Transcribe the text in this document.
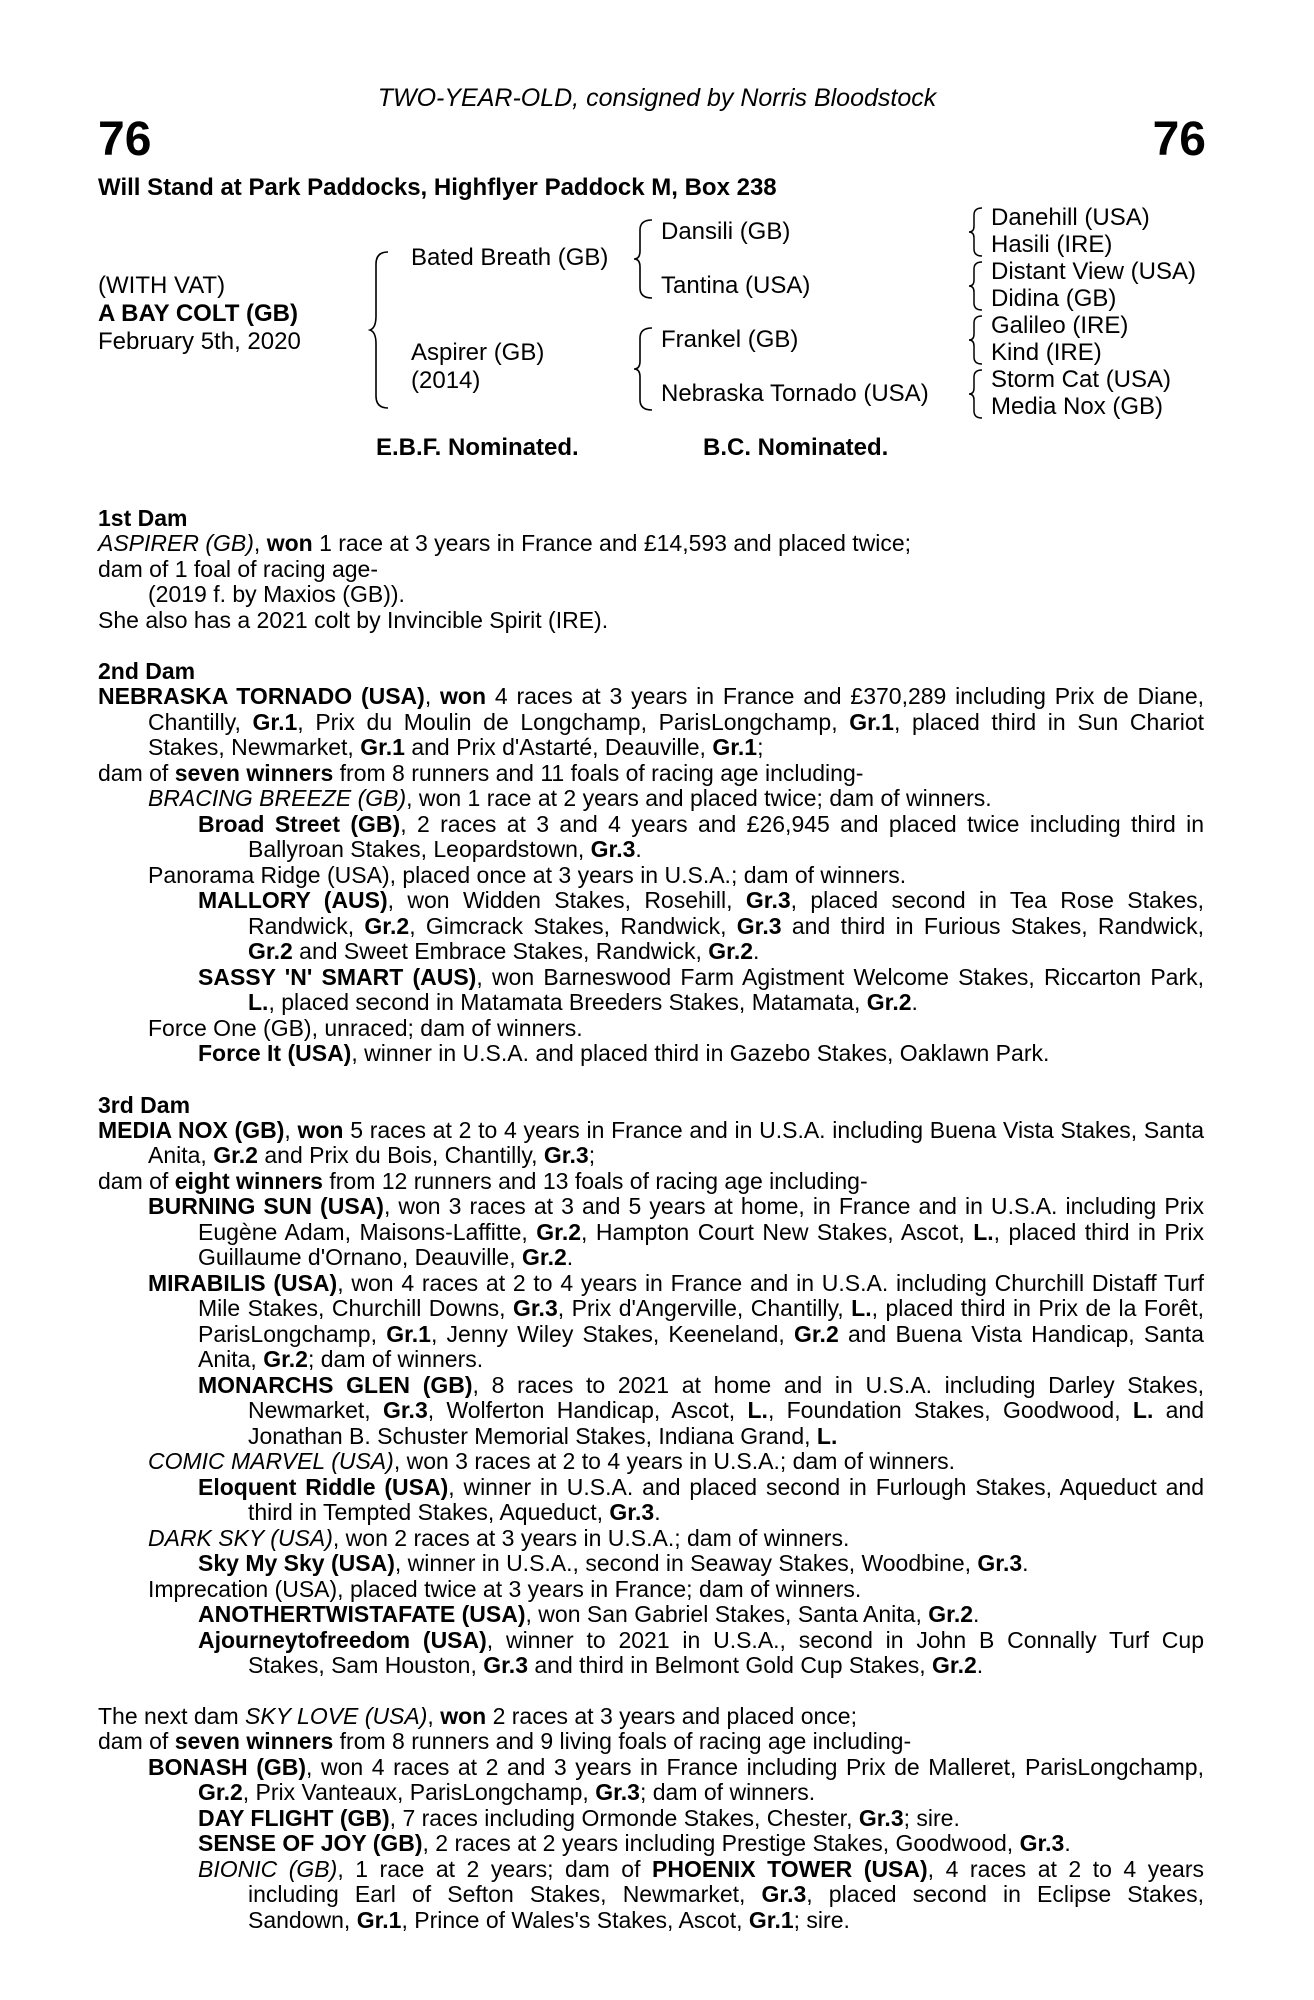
TWO-YEAR-OLD, consigned by Norris Bloodstock
76	76
Will Stand at Park Paddocks, Highflyer Paddock M, Box 238
(WITH VAT)
A BAY COLT (GB)
February 5th, 2020
Bated Breath (GB)
Aspirer (GB)
(2014)
Dansili (GB)
Tantina (USA)
Frankel (GB)
Nebraska Tornado (USA)
Danehill (USA)
Hasili (IRE)
Distant View (USA)
Didina (GB)
Galileo (IRE)
Kind (IRE)
Storm Cat (USA)
Media Nox (GB)
E.B.F. Nominated.	B.C. Nominated.
1st Dam

ASPIRER (GB), won 1 race at 3 years in France and £14,593 and placed twice;

dam of 1 foal of racing age-

(2019 f. by Maxios (GB)).

She also has a 2021 colt by Invincible Spirit (IRE).

2nd Dam

NEBRASKA TORNADO (USA), won 4 races at 3 years in France and £370,289 including Prix de Diane, Chantilly, Gr.1, Prix du Moulin de Longchamp, ParisLongchamp, Gr.1, placed third in Sun Chariot Stakes, Newmarket, Gr.1 and Prix d'Astarté, Deauville, Gr.1;

dam of seven winners from 8 runners and 11 foals of racing age including-

BRACING BREEZE (GB), won 1 race at 2 years and placed twice; dam of winners.

Broad Street (GB), 2 races at 3 and 4 years and £26,945 and placed twice including third in Ballyroan Stakes, Leopardstown, Gr.3.

Panorama Ridge (USA), placed once at 3 years in U.S.A.; dam of winners.

MALLORY (AUS), won Widden Stakes, Rosehill, Gr.3, placed second in Tea Rose Stakes, Randwick, Gr.2, Gimcrack Stakes, Randwick, Gr.3 and third in Furious Stakes, Randwick, Gr.2 and Sweet Embrace Stakes, Randwick, Gr.2.

SASSY 'N' SMART (AUS), won Barneswood Farm Agistment Welcome Stakes, Riccarton Park, L., placed second in Matamata Breeders Stakes, Matamata, Gr.2.

Force One (GB), unraced; dam of winners.

Force It (USA), winner in U.S.A. and placed third in Gazebo Stakes, Oaklawn Park.

3rd Dam

MEDIA NOX (GB), won 5 races at 2 to 4 years in France and in U.S.A. including Buena Vista Stakes, Santa Anita, Gr.2 and Prix du Bois, Chantilly, Gr.3;

dam of eight winners from 12 runners and 13 foals of racing age including-

BURNING SUN (USA), won 3 races at 3 and 5 years at home, in France and in U.S.A. including Prix Eugène Adam, Maisons-Laffitte, Gr.2, Hampton Court New Stakes, Ascot, L., placed third in Prix Guillaume d'Ornano, Deauville, Gr.2.

MIRABILIS (USA), won 4 races at 2 to 4 years in France and in U.S.A. including Churchill Distaff Turf Mile Stakes, Churchill Downs, Gr.3, Prix d'Angerville, Chantilly, L., placed third in Prix de la Forêt, ParisLongchamp, Gr.1, Jenny Wiley Stakes, Keeneland, Gr.2 and Buena Vista Handicap, Santa Anita, Gr.2; dam of winners.

MONARCHS GLEN (GB), 8 races to 2021 at home and in U.S.A. including Darley Stakes, Newmarket, Gr.3, Wolferton Handicap, Ascot, L., Foundation Stakes, Goodwood, L. and Jonathan B. Schuster Memorial Stakes, Indiana Grand, L.

COMIC MARVEL (USA), won 3 races at 2 to 4 years in U.S.A.; dam of winners.

Eloquent Riddle (USA), winner in U.S.A. and placed second in Furlough Stakes, Aqueduct and third in Tempted Stakes, Aqueduct, Gr.3.

DARK SKY (USA), won 2 races at 3 years in U.S.A.; dam of winners.

Sky My Sky (USA), winner in U.S.A., second in Seaway Stakes, Woodbine, Gr.3.

Imprecation (USA), placed twice at 3 years in France; dam of winners.

ANOTHERTWISTAFATE (USA), won San Gabriel Stakes, Santa Anita, Gr.2.

Ajourneytofreedom (USA), winner to 2021 in U.S.A., second in John B Connally Turf Cup Stakes, Sam Houston, Gr.3 and third in Belmont Gold Cup Stakes, Gr.2.

The next dam SKY LOVE (USA), won 2 races at 3 years and placed once;

dam of seven winners from 8 runners and 9 living foals of racing age including-

BONASH (GB), won 4 races at 2 and 3 years in France including Prix de Malleret, ParisLongchamp, Gr.2, Prix Vanteaux, ParisLongchamp, Gr.3; dam of winners.

DAY FLIGHT (GB), 7 races including Ormonde Stakes, Chester, Gr.3; sire.

SENSE OF JOY (GB), 2 races at 2 years including Prestige Stakes, Goodwood, Gr.3.

BIONIC (GB), 1 race at 2 years; dam of PHOENIX TOWER (USA), 4 races at 2 to 4 years including Earl of Sefton Stakes, Newmarket, Gr.3, placed second in Eclipse Stakes, Sandown, Gr.1, Prince of Wales's Stakes, Ascot, Gr.1; sire.
